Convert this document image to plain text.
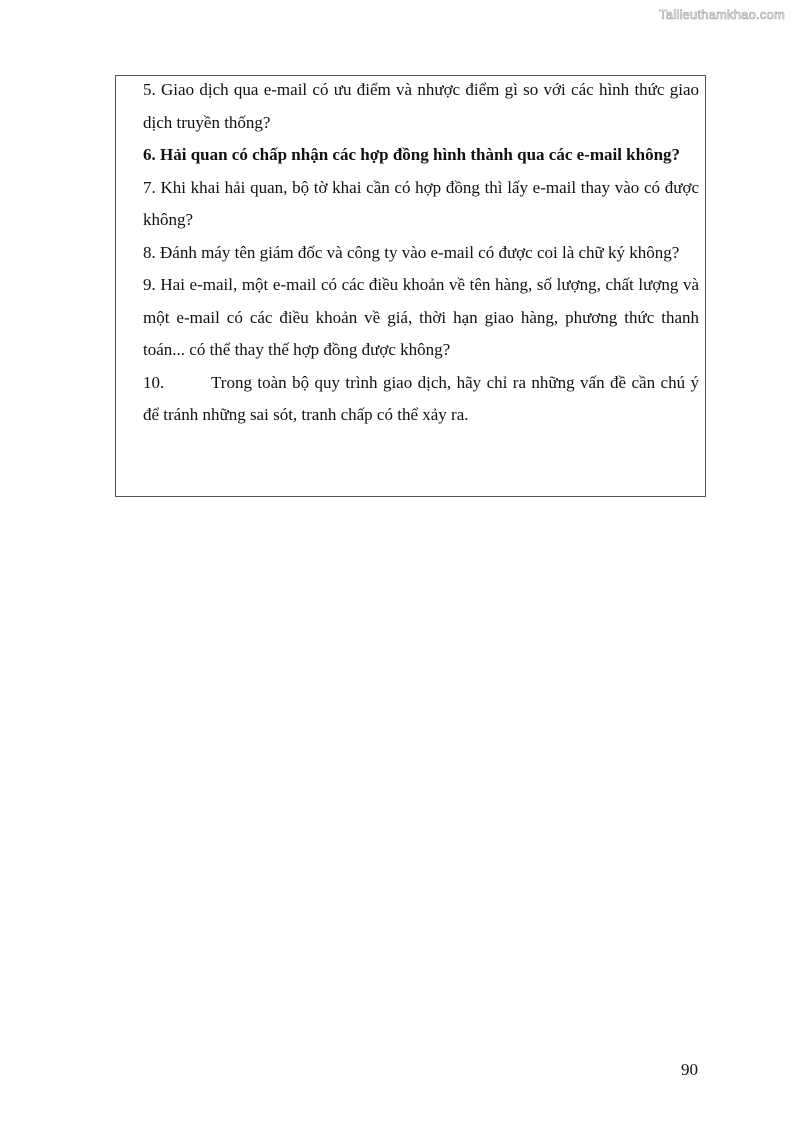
Tailieuthamkhao.com

5. Giao dịch qua e-mail có ưu điểm và nhược điểm gì so với các hình thức giao dịch truyền thống?

6. Hải quan có chấp nhận các hợp đồng hình thành qua các e-mail không?

7. Khi khai hải quan, bộ tờ khai cần có hợp đồng thì lấy e-mail thay vào có được không?

8. Đánh máy tên giám đốc và công ty vào e-mail có được coi là chữ ký không?

9. Hai e-mail, một e-mail có các điều khoản về tên hàng, số lượng, chất lượng và một e-mail có các điều khoản về giá, thời hạn giao hàng, phương thức thanh toán... có thể thay thế hợp đồng được không?

10.	Trong toàn bộ quy trình giao dịch, hãy chỉ ra những vấn đề cần chú ý để tránh những sai sót, tranh chấp có thể xảy ra.

90
